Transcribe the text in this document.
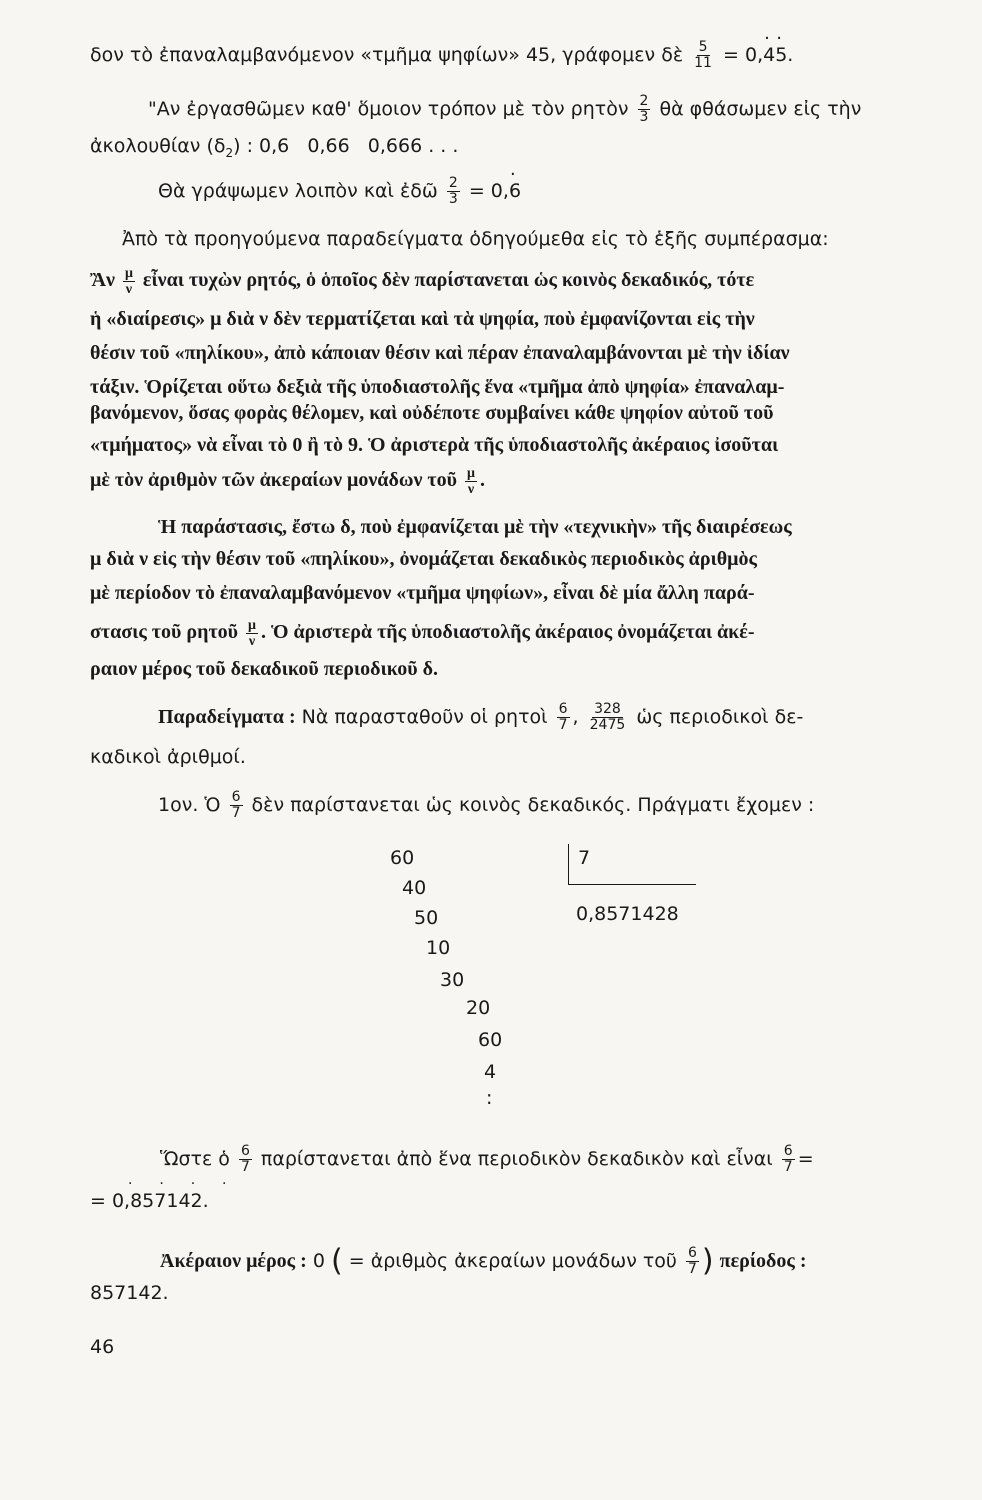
δον τὸ ἐπαναλαμβανόμενον «τμῆμα ψηφίων» 45, γράφομεν δὲ $\frac{5}{11} = 0,\cdot 4\cdot 5$.
"Αν ἐργασθῶμεν καθ' ὅμοιον τρόπον μὲ τὸν ρητὸν $\frac{2}{3}$ θὰ φθάσωμεν εἰς τὴν
ἀκολουθίαν $(\delta_2)$ : 0,6   0,66   0,666 . . .
Θὰ γράψωμεν λοιπὸν καὶ ἐδῶ $\frac{2}{3} = 0,\cdot 6$
Ἀπὸ τὰ προηγούμενα παραδείγματα ὁδηγούμεθα εἰς τὸ ἑξῆς συμπέρασμα:
Ἂν $\frac{\mu}{\nu}$ εἶναι τυχὼν ρητός, ὁ ὁποῖος δὲν παρίστανεται ὡς κοινὸς δεκαδικός, τότε
ἡ «διαίρεσις» μ διὰ ν δὲν τερματίζεται καὶ τὰ ψηφία, ποὺ ἐμφανίζονται εἰς τὴν
θέσιν τοῦ «πηλίκου», ἀπὸ κάποιαν θέσιν καὶ πέραν ἐπαναλαμβάνονται μὲ τὴν ἰδίαν
τάξιν. Ὁρίζεται οὕτω δεξιὰ τῆς ὑποδιαστολῆς ἕνα «τμῆμα ἀπὸ ψηφία» ἐπαναλαμ-
βανόμενον, ὅσας φορὰς θέλομεν, καὶ οὐδέποτε συμβαίνει κάθε ψηφίον αὐτοῦ τοῦ
«τμήματος» νὰ εἶναι τὸ 0 ἢ τὸ 9. Ὁ ἀριστερὰ τῆς ὑποδιαστολῆς ἀκέραιος ἰσοῦται
μὲ τὸν ἀριθμὸν τῶν ἀκεραίων μονάδων τοῦ $\frac{\mu}{\nu}$ .
Ἡ παράστασις, ἔστω δ, ποὺ ἐμφανίζεται μὲ τὴν «τεχνικὴν» τῆς διαιρέσεως
μ διὰ ν εἰς τὴν θέσιν τοῦ «πηλίκου», ὀνομάζεται δεκαδικὸς περιοδικὸς ἀριθμὸς
μὲ περίοδον τὸ ἐπαναλαμβανόμενον «τμῆμα ψηφίων», εἶναι δὲ μία ἄλλη παρά-
στασις τοῦ ρητοῦ $\frac{\mu}{\nu}$ . Ὁ ἀριστερὰ τῆς ὑποδιαστολῆς ἀκέραιος ὀνομάζεται ἀκέ-
ραιον μέρος τοῦ δεκαδικοῦ περιοδικοῦ δ.
Παραδείγματα : Νὰ παρασταθοῦν οἱ ρητοὶ $\frac{6}{7}$ , $\frac{328}{2475}$ ὡς περιοδικοὶ δε-
καδικοὶ ἀριθμοί.
1ον. Ὁ $\frac{6}{7}$ δὲν παρίστανεται ὡς κοινὸς δεκαδικός. Πράγματι ἔχομεν :
60	7
0,8571428
40
50
10
30
20
60
4
:
Ὥστε ὁ $\frac{6}{7}$ παρίστανεται ἀπὸ ἕνα περιοδικὸν δεκαδικὸν καὶ εἶναι $\frac{6}{7}$ =
= 0,857142.
·  ·  ·  ·
Ἀκέραιον μέρος : 0 ( = ἀριθμὸς ἀκεραίων μονάδων τοῦ $\frac{6}{7}$ ) περίοδος :
857142.
46
